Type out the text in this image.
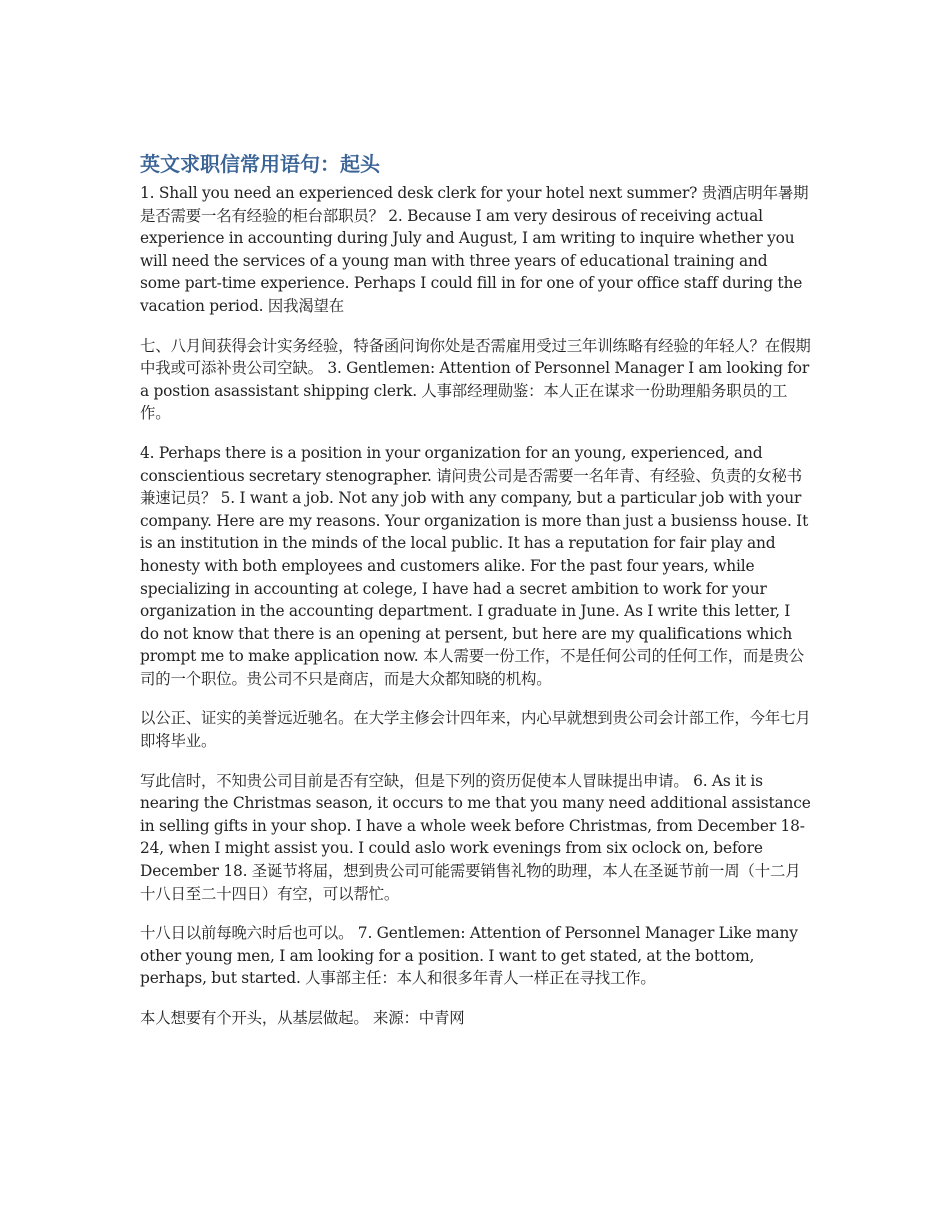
英文求职信常用语句：起头

1. Shall you need an experienced desk clerk for your hotel next summer? 贵酒店明年暑期是否需要一名有经验的柜台部职员？ 2. Because I am very desirous of receiving actual experience in accounting during July and August, I am writing to inquire whether you will need the services of a young man with three years of educational training and some part-time experience. Perhaps I could fill in for one of your office staff during the vacation period. 因我渴望在

七、八月间获得会计实务经验，特备函问询你处是否需雇用受过三年训练略有经验的年轻人？在假期中我或可添补贵公司空缺。 3. Gentlemen: Attention of Personnel Manager I am looking for a postion asassistant shipping clerk. 人事部经理勋鉴：本人正在谋求一份助理船务职员的工作。

4. Perhaps there is a position in your organization for an young, experienced, and conscientious secretary stenographer. 请问贵公司是否需要一名年青、有经验、负责的女秘书兼速记员？ 5. I want a job. Not any job with any company, but a particular job with your company. Here are my reasons. Your organization is more than just a busienss house. It is an institution in the minds of the local public. It has a reputation for fair play and honesty with both employees and customers alike. For the past four years, while specializing in accounting at colege, I have had a secret ambition to work for your organization in the accounting department. I graduate in June. As I write this letter, I do not know that there is an opening at persent, but here are my qualifications which prompt me to make application now. 本人需要一份工作，不是任何公司的任何工作，而是贵公司的一个职位。贵公司不只是商店，而是大众都知晓的机构。

以公正、证实的美誉远近驰名。在大学主修会计四年来，内心早就想到贵公司会计部工作，今年七月即将毕业。

写此信时，不知贵公司目前是否有空缺，但是下列的资历促使本人冒昧提出申请。 6. As it is nearing the Christmas season, it occurs to me that you many need additional assistance in selling gifts in your shop. I have a whole week before Christmas, from December 18-24, when I might assist you. I could aslo work evenings from six oclock on, before December 18. 圣诞节将届，想到贵公司可能需要销售礼物的助理，本人在圣诞节前一周（十二月十八日至二十四日）有空，可以帮忙。

十八日以前每晚六时后也可以。 7. Gentlemen: Attention of Personnel Manager Like many other young men, I am looking for a position. I want to get stated, at the bottom, perhaps, but started. 人事部主任：本人和很多年青人一样正在寻找工作。

本人想要有个开头，从基层做起。 来源：中青网
